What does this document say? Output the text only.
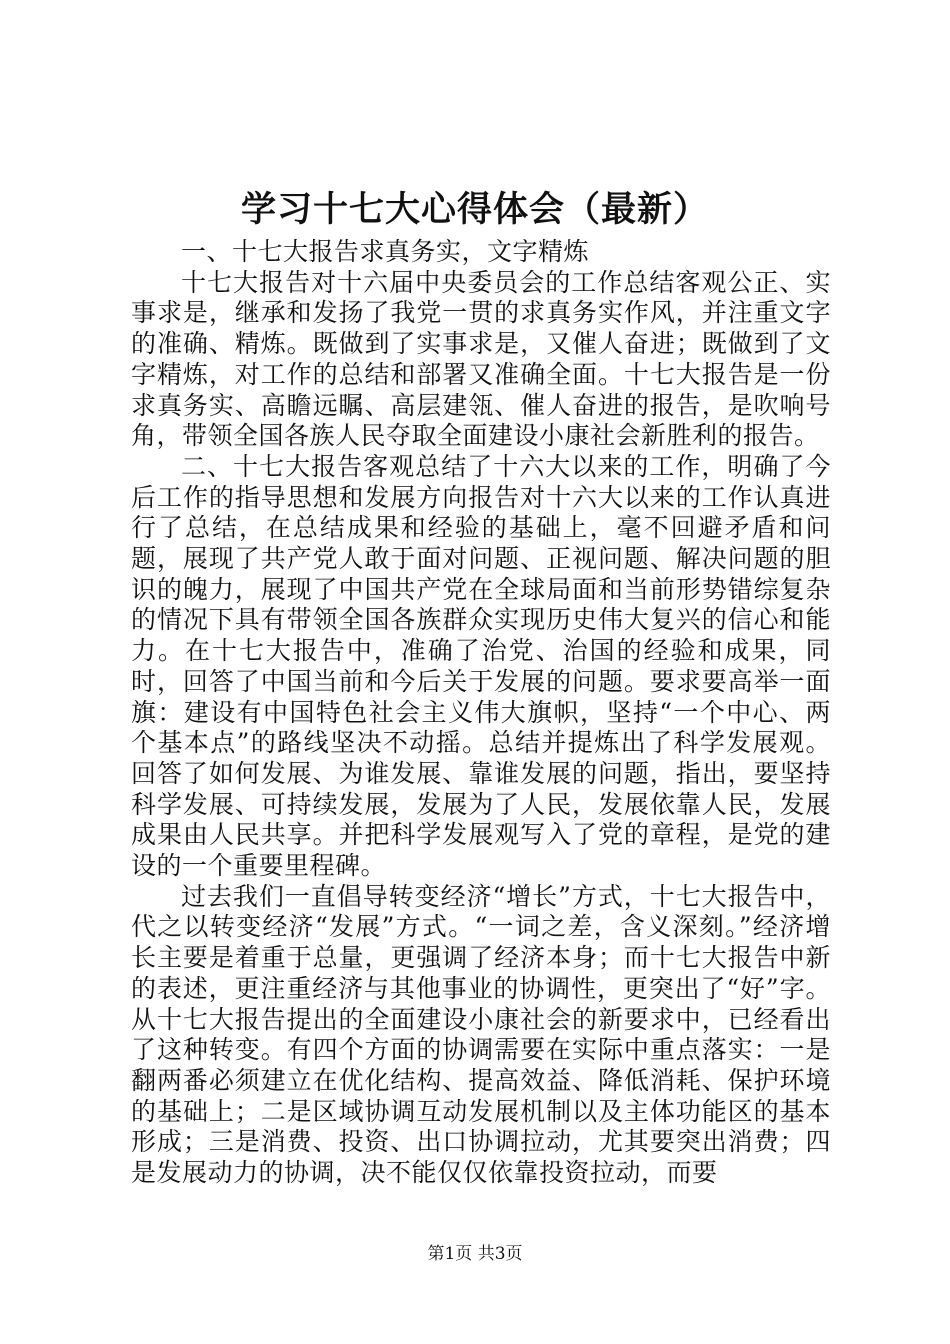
学习十七大心得体会（最新）

一、十七大报告求真务实，文字精炼

十七大报告对十六届中央委员会的工作总结客观公正、实事求是，继承和发扬了我党一贯的求真务实作风，并注重文字的准确、精炼。既做到了实事求是，又催人奋进；既做到了文字精炼，对工作的总结和部署又准确全面。十七大报告是一份求真务实、高瞻远瞩、高层建瓴、催人奋进的报告，是吹响号角，带领全国各族人民夺取全面建设小康社会新胜利的报告。

二、十七大报告客观总结了十六大以来的工作，明确了今后工作的指导思想和发展方向报告对十六大以来的工作认真进行了总结，在总结成果和经验的基础上，毫不回避矛盾和问题，展现了共产党人敢于面对问题、正视问题、解决问题的胆识的魄力，展现了中国共产党在全球局面和当前形势错综复杂的情况下具有带领全国各族群众实现历史伟大复兴的信心和能力。在十七大报告中，准确了治党、治国的经验和成果，同时，回答了中国当前和今后关于发展的问题。要求要高举一面旗：建设有中国特色社会主义伟大旗帜，坚持“一个中心、两个基本点”的路线坚决不动摇。总结并提炼出了科学发展观。回答了如何发展、为谁发展、靠谁发展的问题，指出，要坚持科学发展、可持续发展，发展为了人民，发展依靠人民，发展成果由人民共享。并把科学发展观写入了党的章程，是党的建设的一个重要里程碑。

过去我们一直倡导转变经济“增长”方式，十七大报告中，代之以转变经济“发展”方式。“一词之差，含义深刻。”经济增长主要是着重于总量，更强调了经济本身；而十七大报告中新的表述，更注重经济与其他事业的协调性，更突出了“好”字。从十七大报告提出的全面建设小康社会的新要求中，已经看出了这种转变。有四个方面的协调需要在实际中重点落实：一是翻两番必须建立在优化结构、提高效益、降低消耗、保护环境的基础上；二是区域协调互动发展机制以及主体功能区的基本形成；三是消费、投资、出口协调拉动，尤其要突出消费；四是发展动力的协调，决不能仅仅依靠投资拉动，而要

第1页 共3页
